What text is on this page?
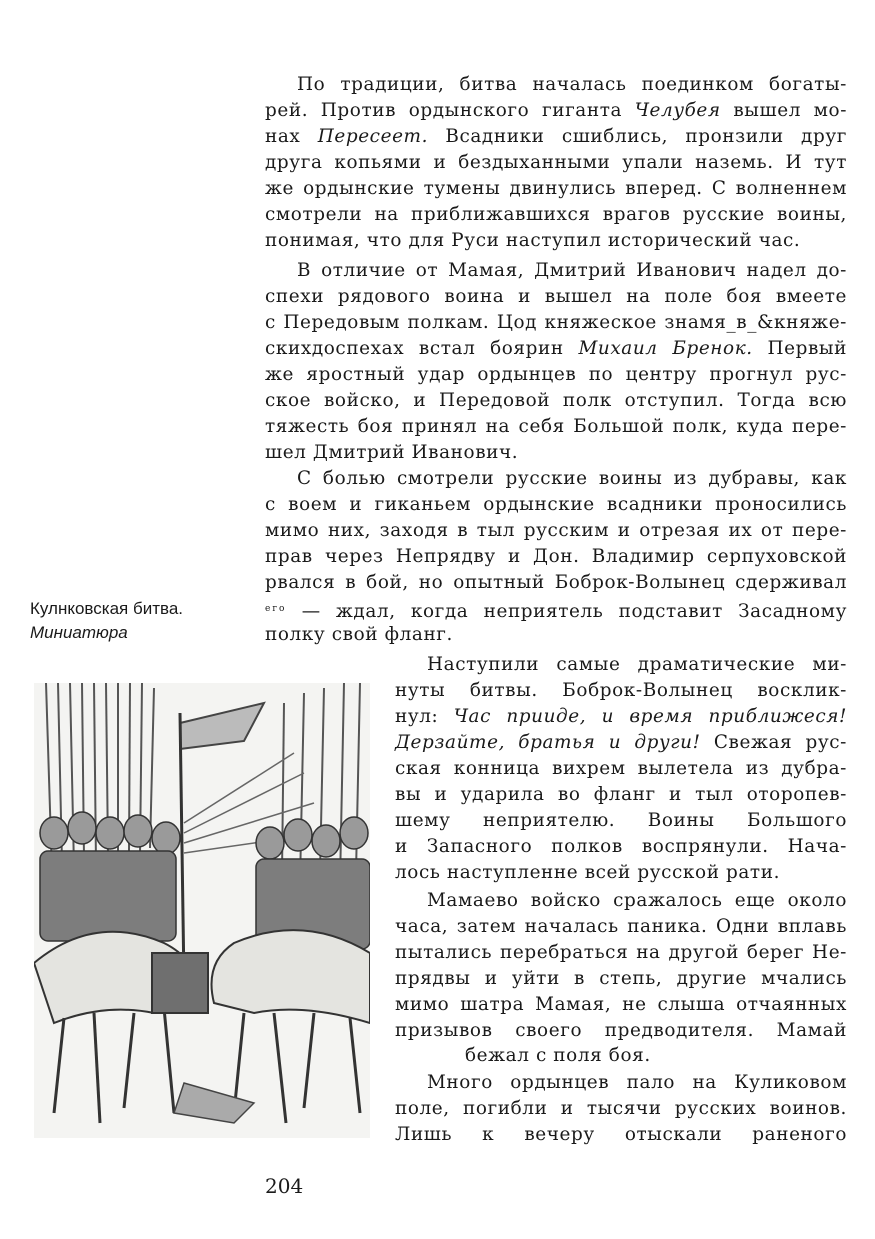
По традиции, битва началась поединком богаты-
рей. Против ордынского гиганта Челубея вышел мо-
нах Пересеет. Всадники сшиблись, пронзили друг
друга копьями и бездыханными упали наземь. И тут
же ордынские тумены двинулись вперед. С волненнем
смотрели на приближавшихся врагов русские воины,
понимая, что для Руси наступил исторический час.
В отличие от Мамая, Дмитрий Иванович надел до-
спехи рядового воина и вышел на поле боя вмеете
с Передовым полкам. Цод княжеское знамя_в_&княже-
скихдоспехах встал боярин Михаил Бренок. Первый
же яростный удар ордынцев по центру прогнул рус-
ское войско, и Передовой полк отступил. Тогда всю
тяжесть боя принял на себя Большой полк, куда пере-
шел Дмитрий Иванович.
С болью смотрели русские воины из дубравы, как
с воем и гиканьем ордынские всадники проносились
мимо них, заходя в тыл русским и отрезая их от пере-
прав через Непрядву и Дон. Владимир серпуховской
рвался в бой, но опытный Боброк-Волынец сдерживал
$^{его}$ — ждал, когда неприятель подставит Засадному
полку свой фланг.
Кулнковская битва.
Миниатюра
Наступили самые драматические ми-
нуты битвы. Боброк-Волынец восклик-
нул: Час прииде, и время приближеся!
Дерзайте, братья и други! Свежая рус-
ская конница вихрем вылетела из дубра-
вы и ударила во фланг и тыл оторопев-
шему неприятелю. Воины Большого
и Запасного полков воспрянули. Нача-
лось наступленне всей русской рати.
Мамаево войско сражалось еще около
часа, затем началась паника. Одни вплавь
пытались перебраться на другой берег Не-
прядвы и уйти в степь, другие мчались
мимо шатра Мамая, не слыша отчаянных
призывов своего предводителя. Мамай
бежал с поля боя.
Много ордынцев пало на Куликовом
поле, погибли и тысячи русских воинов.
Лишь к вечеру отыскали раненого
204
